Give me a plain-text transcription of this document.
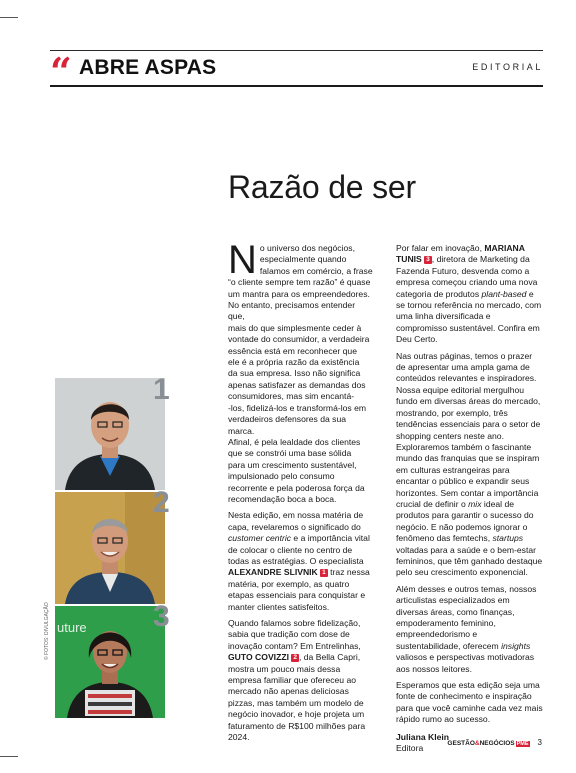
“ ABRE ASPAS	EDITORIAL
Razão de ser
1
2
uture 3
© FOTOS: DIVULGAÇÃO

No universo dos negócios,
especialmente quando
falamos em comércio, a frase
“o cliente sempre tem razão” é quase
um mantra para os empreendedores.
No entanto, precisamos entender que,
mais do que simplesmente ceder à
vontade do consumidor, a verdadeira
essência está em reconhecer que
ele é a própria razão da existência
da sua empresa. Isso não significa
apenas satisfazer as demandas dos
consumidores, mas sim encantá-
-los, fidelizá-los e transformá-los em
verdadeiros defensores da sua marca.
Afinal, é pela lealdade dos clientes
que se constrói uma base sólida
para um crescimento sustentável,
impulsionado pelo consumo
recorrente e pela poderosa força da
recomendação boca a boca.

Nesta edição, em nossa matéria de capa, revelaremos o significado do customer centric e a importância vital de colocar o cliente no centro de todas as estratégias. O especialista ALEXANDRE SLIVNIK 1 traz nessa matéria, por exemplo, as quatro etapas essenciais para conquistar e manter clientes satisfeitos.

Quando falamos sobre fidelização, sabia que tradição com dose de inovação contam? Em Entrelinhas, GUTO COVIZZI 2 , da Bella Capri, mostra um pouco mais dessa empresa familiar que ofereceu ao mercado não apenas deliciosas pizzas, mas também um modelo de negócio inovador, e hoje projeta um faturamento de R$100 milhões para 2024.

Por falar em inovação, MARIANA TUNIS 3 , diretora de Marketing da Fazenda Futuro, desvenda como a empresa começou criando uma nova categoria de produtos plant-based e se tornou referência no mercado, com uma linha diversificada e compromisso sustentável. Confira em Deu Certo.

Nas outras páginas, temos o prazer de apresentar uma ampla gama de conteúdos relevantes e inspiradores. Nossa equipe editorial mergulhou fundo em diversas áreas do mercado, mostrando, por exemplo, três tendências essenciais para o setor de shopping centers neste ano. Exploraremos também o fascinante mundo das franquias que se inspiram em culturas estrangeiras para encantar o público e expandir seus horizontes. Sem contar a importância crucial de definir o mix ideal de produtos para garantir o sucesso do negócio. E não podemos ignorar o fenômeno das femtechs, startups voltadas para a saúde e o bem-estar femininos, que têm ganhado destaque pelo seu crescimento exponencial.

Além desses e outros temas, nossos articulistas especializados em diversas áreas, como finanças, empoderamento feminino, empreendedorismo e sustentabilidade, oferecem insights valiosos e perspectivas motivadoras aos nossos leitores.

Esperamos que esta edição seja uma fonte de conhecimento e inspiração para que você caminhe cada vez mais rápido rumo ao sucesso.

Juliana Klein
Editora	GESTÃO&NEGÓCIOS PME 3
